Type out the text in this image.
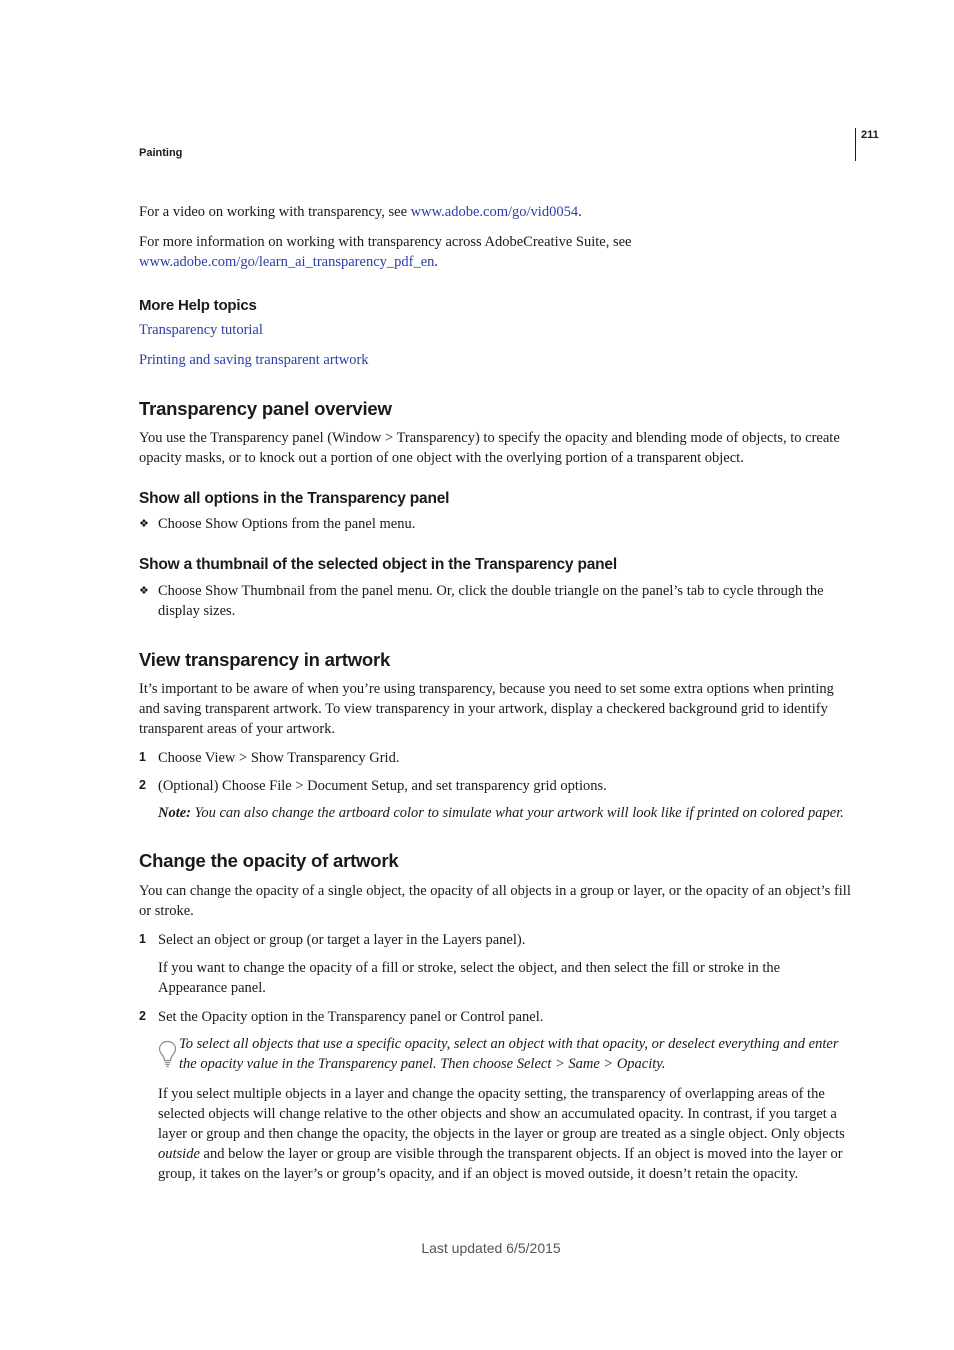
Painting
211
For a video on working with transparency, see www.adobe.com/go/vid0054.
For more information on working with transparency across AdobeCreative Suite, see
www.adobe.com/go/learn_ai_transparency_pdf_en.
More Help topics
Transparency tutorial
Printing and saving transparent artwork
Transparency panel overview
You use the Transparency panel (Window > Transparency) to specify the opacity and blending mode of objects, to create opacity masks, or to knock out a portion of one object with the overlying portion of a transparent object.
Show all options in the Transparency panel
❖ Choose Show Options from the panel menu.
Show a thumbnail of the selected object in the Transparency panel
❖ Choose Show Thumbnail from the panel menu. Or, click the double triangle on the panel’s tab to cycle through the display sizes.
View transparency in artwork
It’s important to be aware of when you’re using transparency, because you need to set some extra options when printing and saving transparent artwork. To view transparency in your artwork, display a checkered background grid to identify transparent areas of your artwork.
1 Choose View > Show Transparency Grid.
2 (Optional) Choose File > Document Setup, and set transparency grid options.
Note: You can also change the artboard color to simulate what your artwork will look like if printed on colored paper.
Change the opacity of artwork
You can change the opacity of a single object, the opacity of all objects in a group or layer, or the opacity of an object’s fill or stroke.
1 Select an object or group (or target a layer in the Layers panel).
If you want to change the opacity of a fill or stroke, select the object, and then select the fill or stroke in the Appearance panel.
2 Set the Opacity option in the Transparency panel or Control panel.
To select all objects that use a specific opacity, select an object with that opacity, or deselect everything and enter the opacity value in the Transparency panel. Then choose Select > Same > Opacity.
If you select multiple objects in a layer and change the opacity setting, the transparency of overlapping areas of the selected objects will change relative to the other objects and show an accumulated opacity. In contrast, if you target a layer or group and then change the opacity, the objects in the layer or group are treated as a single object. Only objects outside and below the layer or group are visible through the transparent objects. If an object is moved into the layer or group, it takes on the layer’s or group’s opacity, and if an object is moved outside, it doesn’t retain the opacity.
Last updated 6/5/2015
